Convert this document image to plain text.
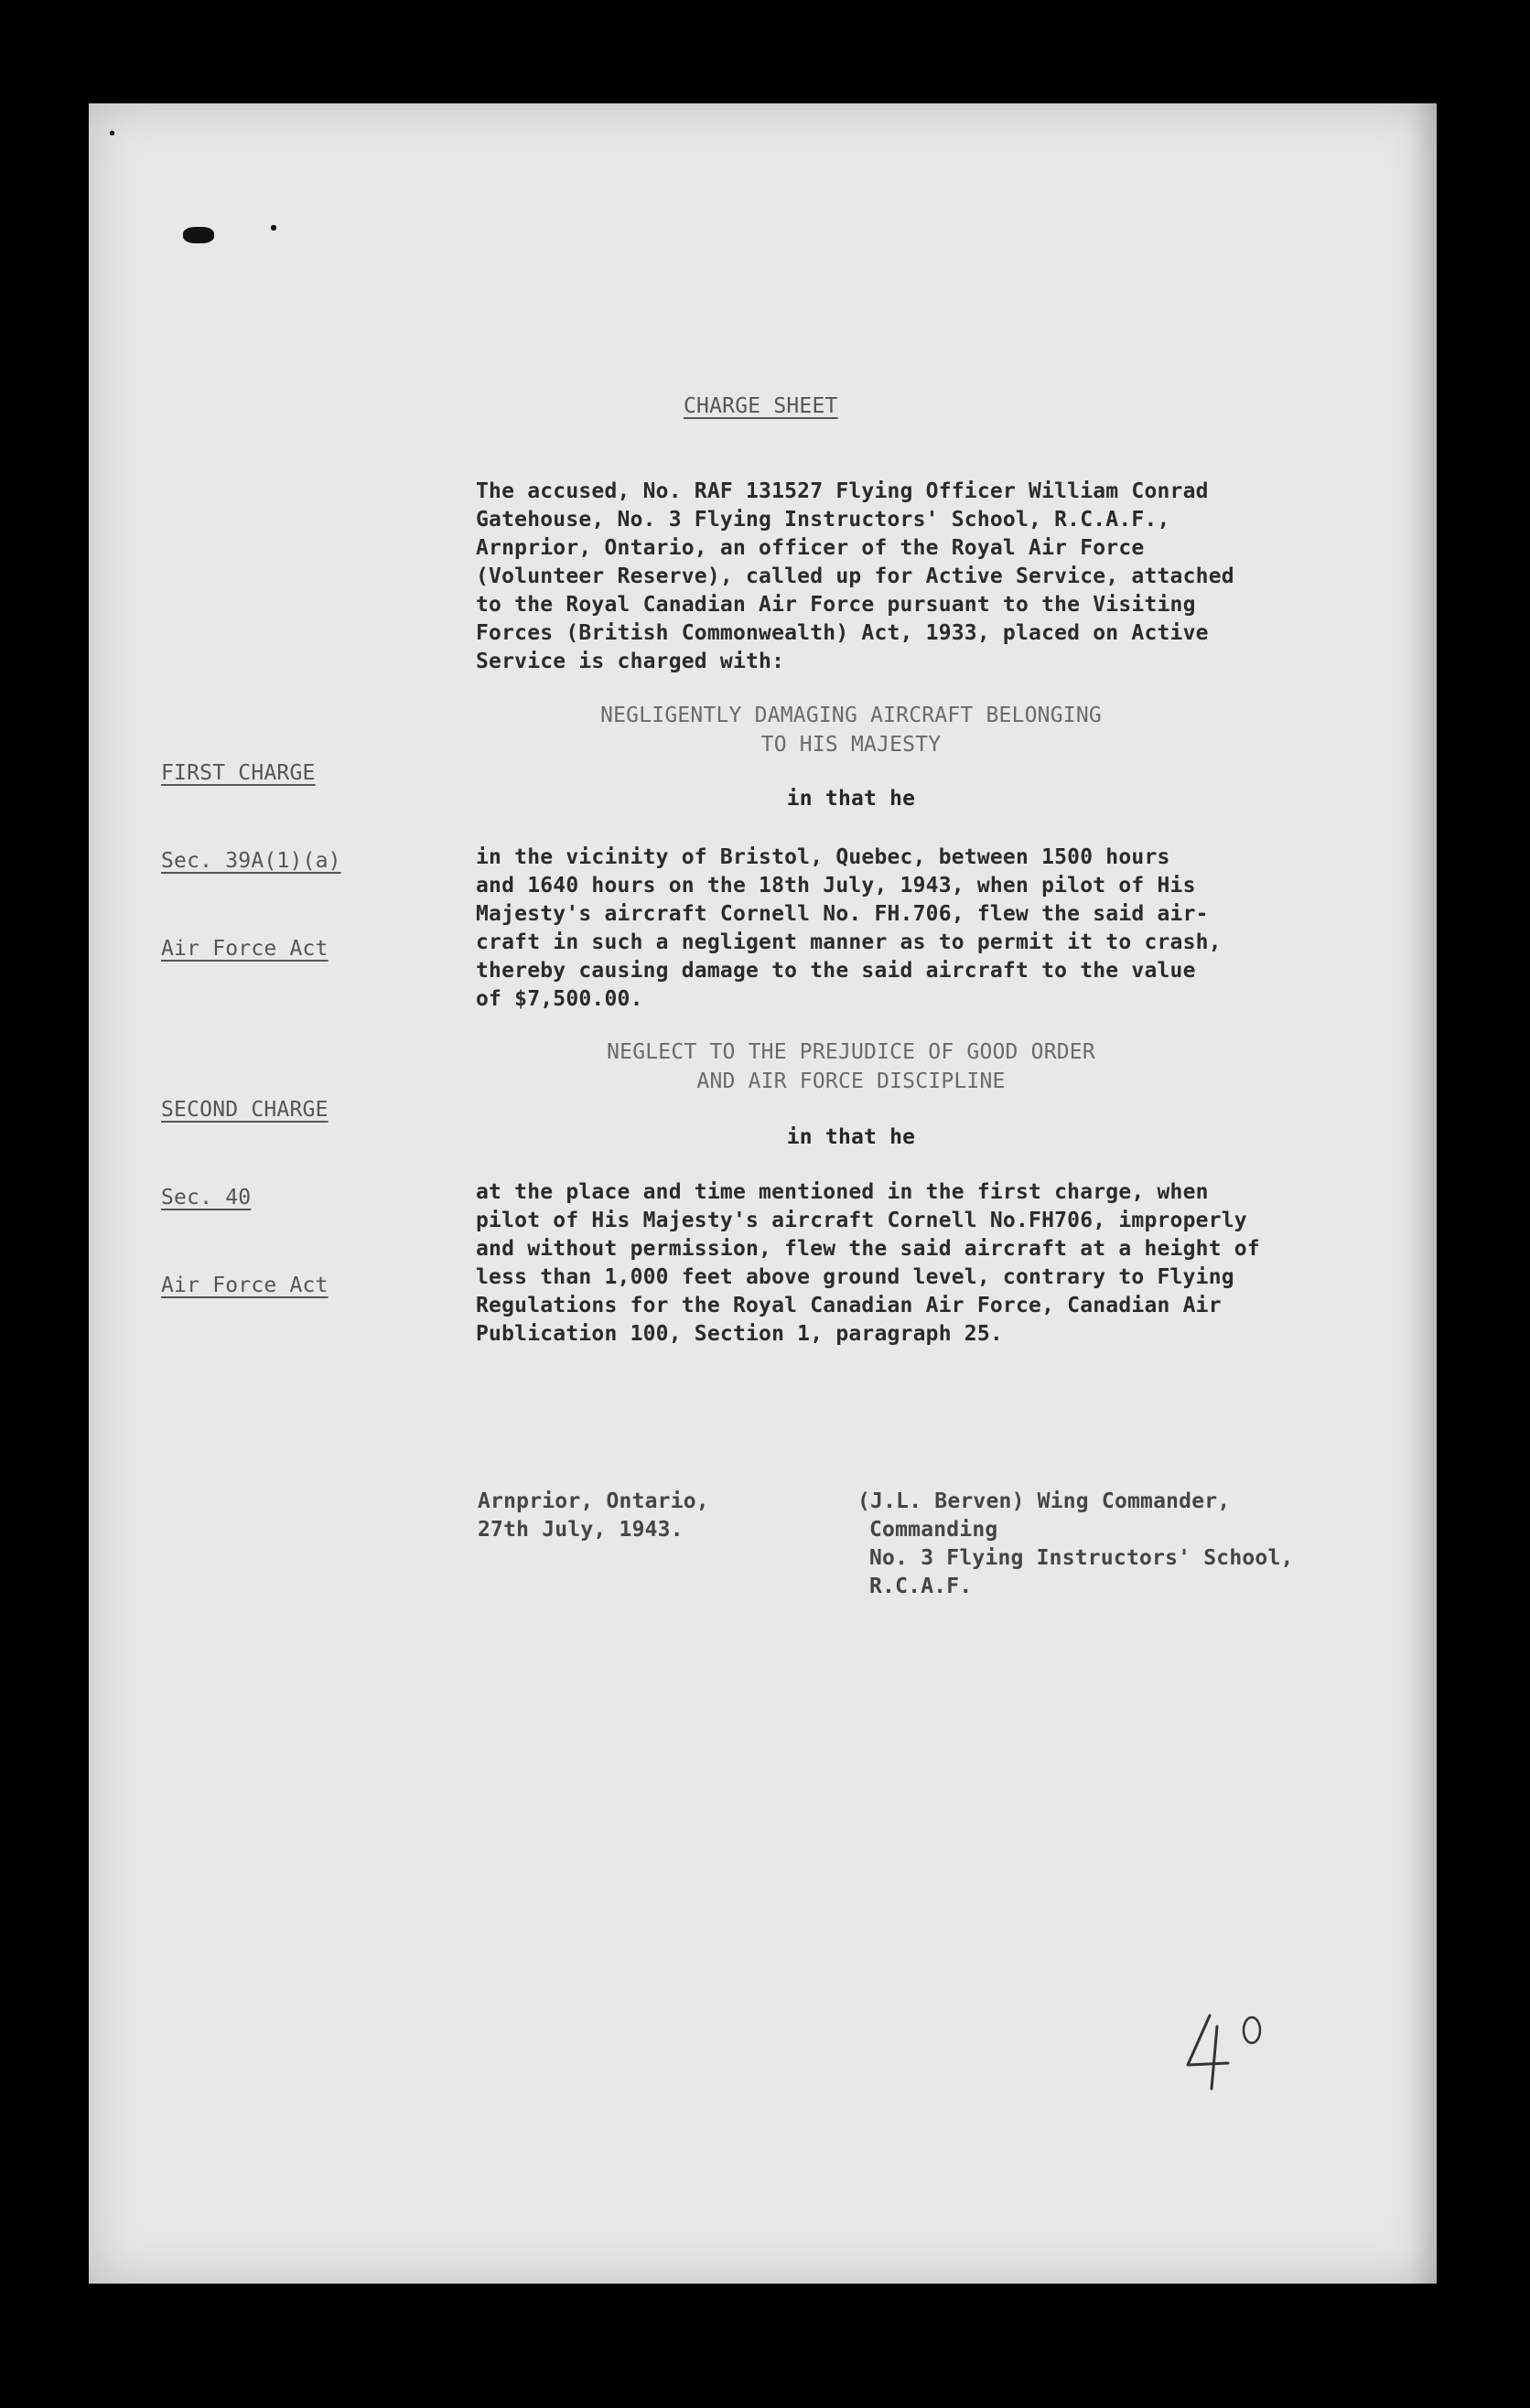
CHARGE SHEET
The accused, No. RAF 131527 Flying Officer William Conrad
Gatehouse, No. 3 Flying Instructors' School, R.C.A.F.,
Arnprior, Ontario, an officer of the Royal Air Force
(Volunteer Reserve), called up for Active Service, attached
to the Royal Canadian Air Force pursuant to the Visiting
Forces (British Commonwealth) Act, 1933, placed on Active
Service is charged with:

FIRST CHARGE

Sec. 39A(1)(a)

Air Force Act

NEGLIGENTLY DAMAGING AIRCRAFT BELONGING
TO HIS MAJESTY
in that he
in the vicinity of Bristol, Quebec, between 1500 hours
and 1640 hours on the 18th July, 1943, when pilot of His
Majesty's aircraft Cornell No. FH.706, flew the said air-
craft in such a negligent manner as to permit it to crash,
thereby causing damage to the said aircraft to the value
of $7,500.00.

SECOND CHARGE

Sec. 40

Air Force Act

NEGLECT TO THE PREJUDICE OF GOOD ORDER
AND AIR FORCE DISCIPLINE
in that he
at the place and time mentioned in the first charge, when
pilot of His Majesty's aircraft Cornell No.FH706, improperly
and without permission, flew the said aircraft at a height of
less than 1,000 feet above ground level, contrary to Flying
Regulations for the Royal Canadian Air Force, Canadian Air
Publication 100, Section 1, paragraph 25.
Arnprior, Ontario,
27th July, 1943.
(J.L. Berven) Wing Commander,
Commanding
No. 3 Flying Instructors' School,
R.C.A.F.
